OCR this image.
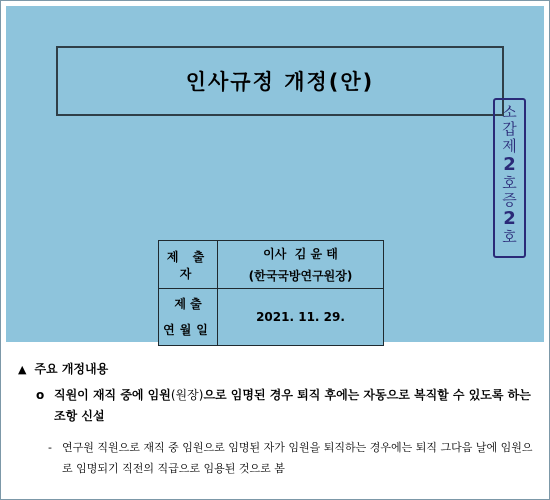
인사규정 개정(안)
제 출 자	이사  김 윤 태
(한국국방연구원장)

제 출
연월일	2021. 11. 29.
소
갑
제
2
호
증
2
호
▲ 주요 개정내용
o 직원이 재직 중에 임원(원장)으로 임명된 경우 퇴직 후에는 자동으로 복직할 수 있도록 하는 조항 신설
- 연구원 직원으로 재직 중 임원으로 임명된 자가 임원을 퇴직하는 경우에는 퇴직 그다음 날에 임원으로 임명되기 직전의 직급으로 임용된 것으로 봄
